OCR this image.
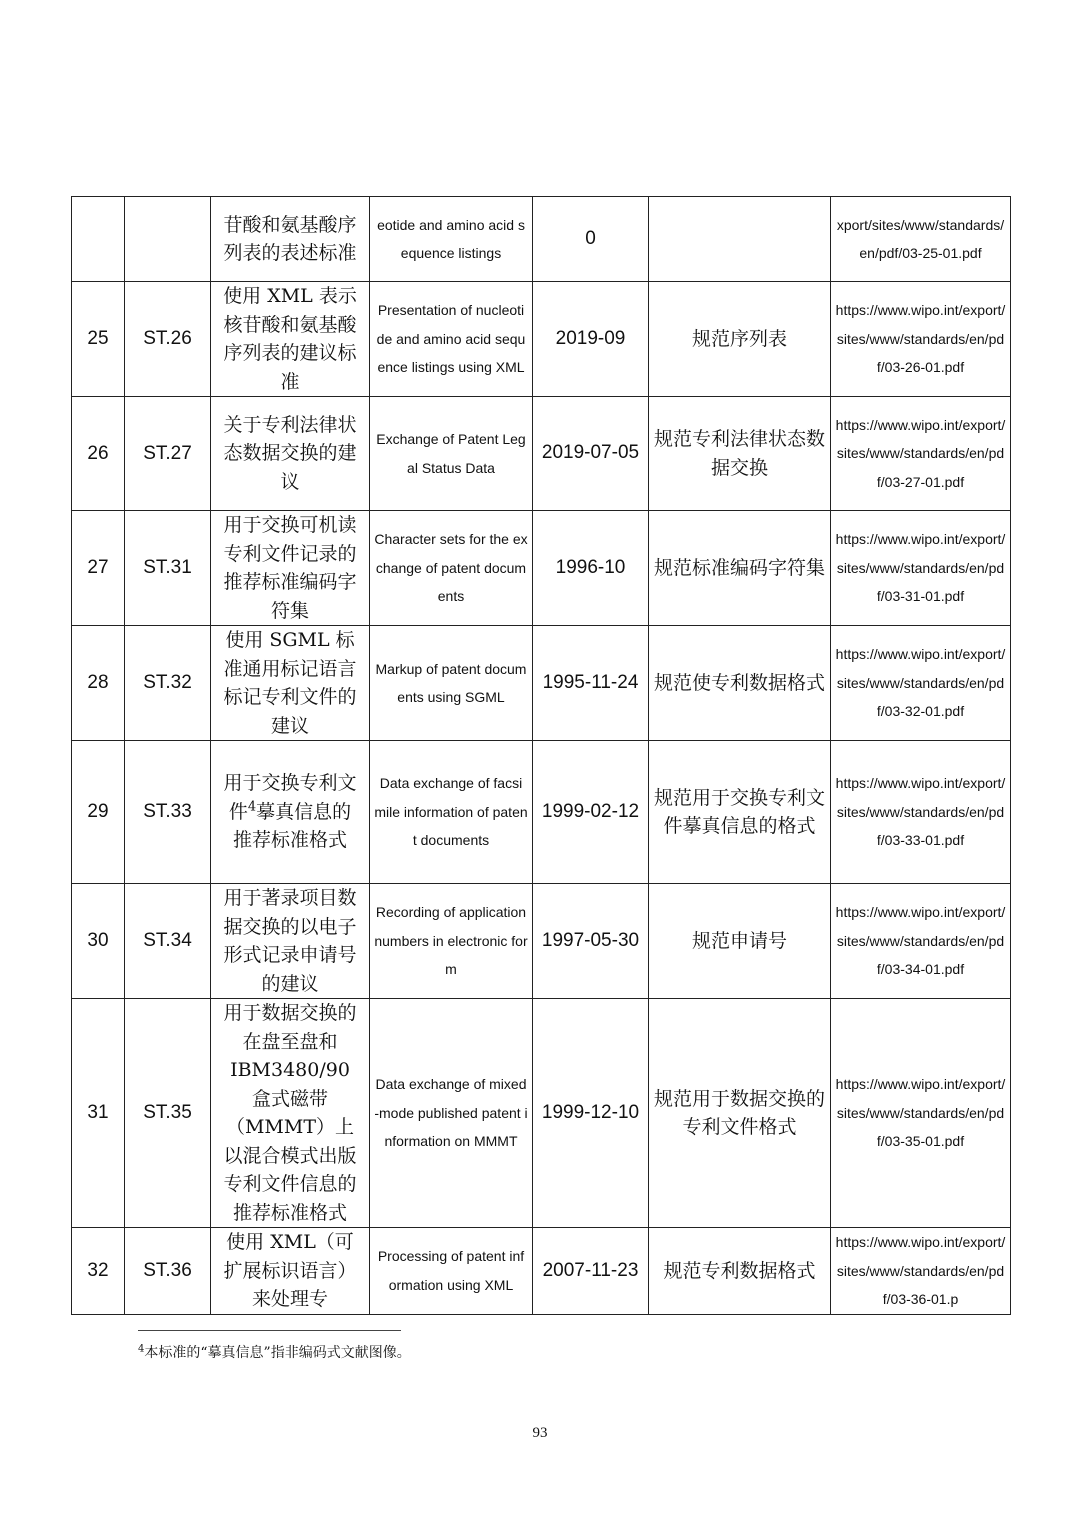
		苷酸和氨基酸序列表的表述标准	eotide and amino acid sequence listings	0		xport/sites/www/standards/en/pdf/03-25-01.pdf
25	ST.26	使用 XML 表示核苷酸和氨基酸序列表的建议标准	Presentation of nucleotide and amino acid sequence listings using XML	2019-09	规范序列表	https://www.wipo.int/export/sites/www/standards/en/pdf/03-26-01.pdf
26	ST.27	关于专利法律状态数据交换的建议	Exchange of Patent Legal Status Data	2019-07-05	规范专利法律状态数据交换	https://www.wipo.int/export/sites/www/standards/en/pdf/03-27-01.pdf
27	ST.31	用于交换可机读专利文件记录的推荐标准编码字符集	Character sets for the exchange of patent documents	1996-10	规范标准编码字符集	https://www.wipo.int/export/sites/www/standards/en/pdf/03-31-01.pdf
28	ST.32	使用 SGML 标准通用标记语言标记专利文件的建议	Markup of patent documents using SGML	1995-11-24	规范使专利数据格式	https://www.wipo.int/export/sites/www/standards/en/pdf/03-32-01.pdf
29	ST.33	用于交换专利文件$^4$摹真信息的推荐标准格式	Data exchange of facsimile information of patent documents	1999-02-12	规范用于交换专利文件摹真信息的格式	https://www.wipo.int/export/sites/www/standards/en/pdf/03-33-01.pdf
30	ST.34	用于著录项目数据交换的以电子形式记录申请号的建议	Recording of application numbers in electronic form	1997-05-30	规范申请号	https://www.wipo.int/export/sites/www/standards/en/pdf/03-34-01.pdf
31	ST.35	用于数据交换的在盘至盘和 IBM3480/90 盒式磁带（MMMT）上以混合模式出版专利文件信息的推荐标准格式	Data exchange of mixed-mode published patent information on MMMT	1999-12-10	规范用于数据交换的专利文件格式	https://www.wipo.int/export/sites/www/standards/en/pdf/03-35-01.pdf
32	ST.36	使用 XML（可扩展标识语言）来处理专	Processing of patent information using XML	2007-11-23	规范专利数据格式	https://www.wipo.int/export/sites/www/standards/en/pdf/03-36-01.p
$^4$本标准的“摹真信息”指非编码式文献图像。
93
